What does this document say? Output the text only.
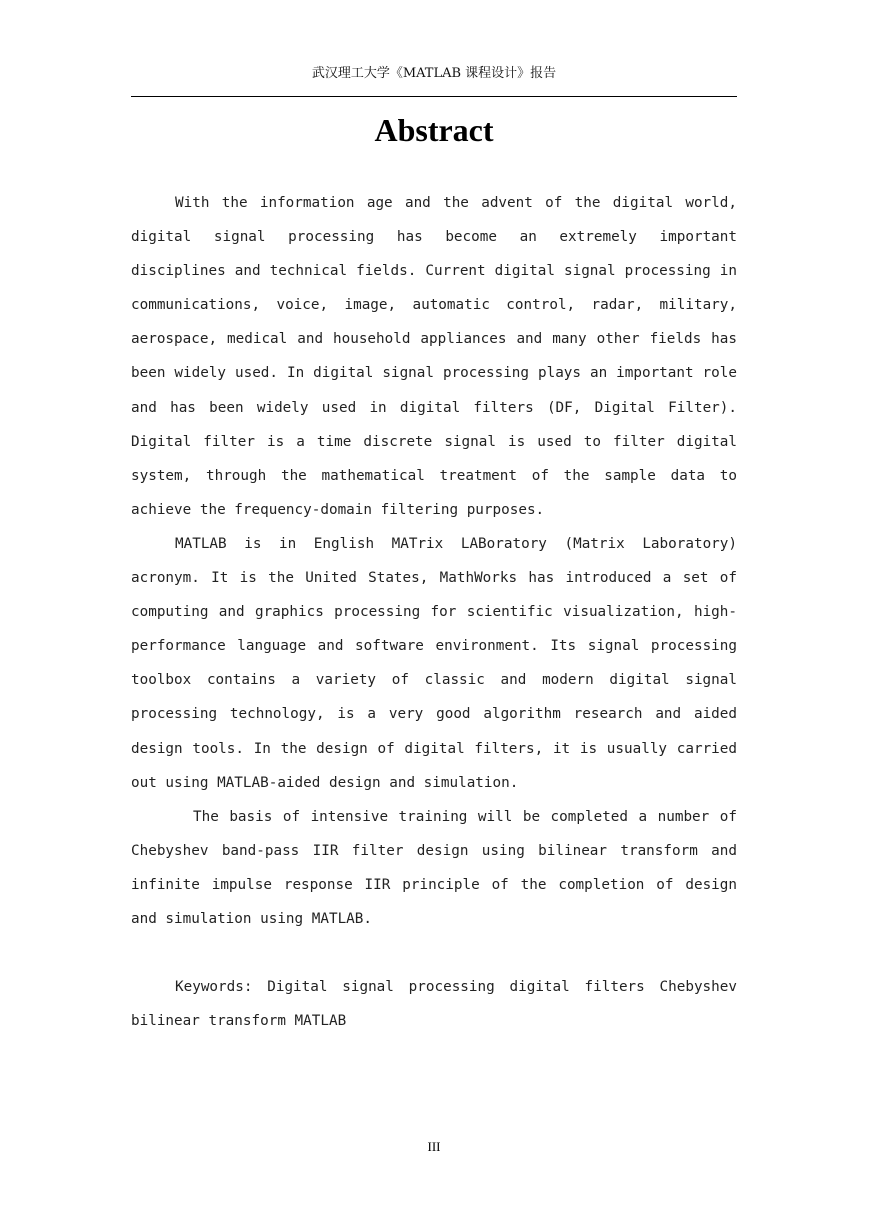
武汉理工大学《MATLAB 课程设计》报告
Abstract

With the information age and the advent of the digital world, digital signal processing has become an extremely important disciplines and technical fields. Current digital signal processing in communications, voice, image, automatic control, radar, military, aerospace, medical and household appliances and many other fields has been widely used. In digital signal processing plays an important role and has been widely used in digital filters (DF, Digital Filter). Digital filter is a time discrete signal is used to filter digital system, through the mathematical treatment of the sample data to achieve the frequency-domain filtering purposes.

MATLAB is in English MATrix LABoratory (Matrix Laboratory) acronym. It is the United States, MathWorks has introduced a set of computing and graphics processing for scientific visualization, high-performance language and software environment. Its signal processing toolbox contains a variety of classic and modern digital signal processing technology, is a very good algorithm research and aided design tools. In the design of digital filters, it is usually carried out using MATLAB-aided design and simulation.

The basis of intensive training will be completed a number of Chebyshev band-pass IIR filter design using bilinear transform and infinite impulse response IIR principle of the completion of design and simulation using MATLAB.

Keywords: Digital signal processing digital filters Chebyshev bilinear transform MATLAB

III
